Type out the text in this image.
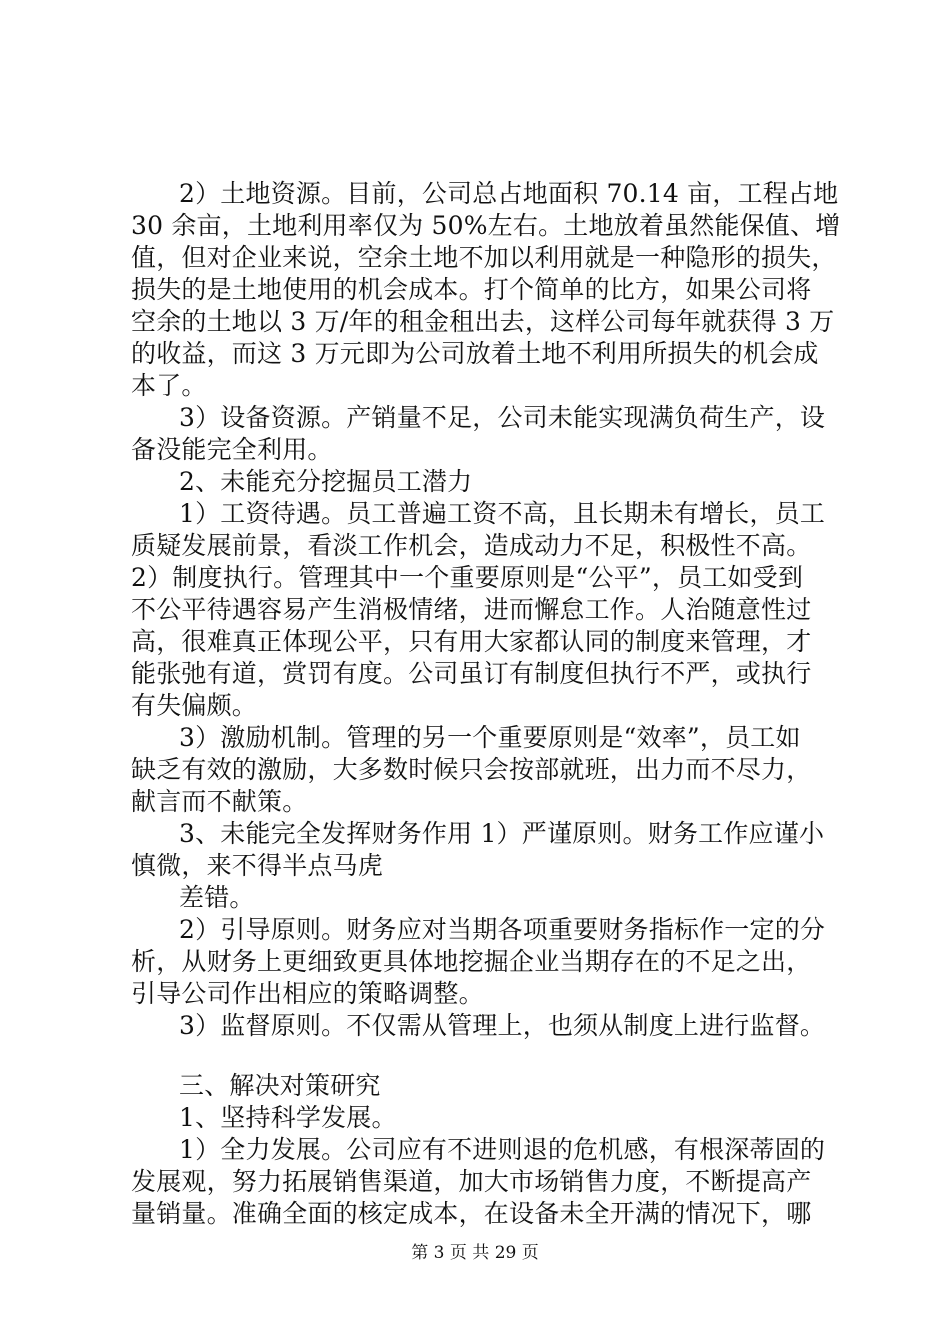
2）土地资源。目前，公司总占地面积 70.14 亩，工程占地
30 余亩，土地利用率仅为 50%左右。土地放着虽然能保值、增
值，但对企业来说，空余土地不加以利用就是一种隐形的损失，
损失的是土地使用的机会成本。打个简单的比方，如果公司将
空余的土地以 3 万/年的租金租出去，这样公司每年就获得 3 万
的收益，而这 3 万元即为公司放着土地不利用所损失的机会成
本了。
3）设备资源。产销量不足，公司未能实现满负荷生产，设
备没能完全利用。
2、未能充分挖掘员工潜力
1）工资待遇。员工普遍工资不高，且长期未有增长，员工
质疑发展前景，看淡工作机会，造成动力不足，积极性不高。
2）制度执行。管理其中一个重要原则是“公平”，员工如受到
不公平待遇容易产生消极情绪，进而懈怠工作。人治随意性过
高，很难真正体现公平，只有用大家都认同的制度来管理，才
能张弛有道，赏罚有度。公司虽订有制度但执行不严，或执行
有失偏颇。
3）激励机制。管理的另一个重要原则是“效率”，员工如
缺乏有效的激励，大多数时候只会按部就班，出力而不尽力，
献言而不献策。
3、未能完全发挥财务作用 1）严谨原则。财务工作应谨小
慎微，来不得半点马虎
差错。
2）引导原则。财务应对当期各项重要财务指标作一定的分
析，从财务上更细致更具体地挖掘企业当期存在的不足之出，
引导公司作出相应的策略调整。
3）监督原则。不仅需从管理上，也须从制度上进行监督。
三、解决对策研究
1、坚持科学发展。
1）全力发展。公司应有不进则退的危机感，有根深蒂固的
发展观，努力拓展销售渠道，加大市场销售力度，不断提高产
量销量。准确全面的核定成本，在设备未全开满的情况下，哪
第 3 页 共 29 页
